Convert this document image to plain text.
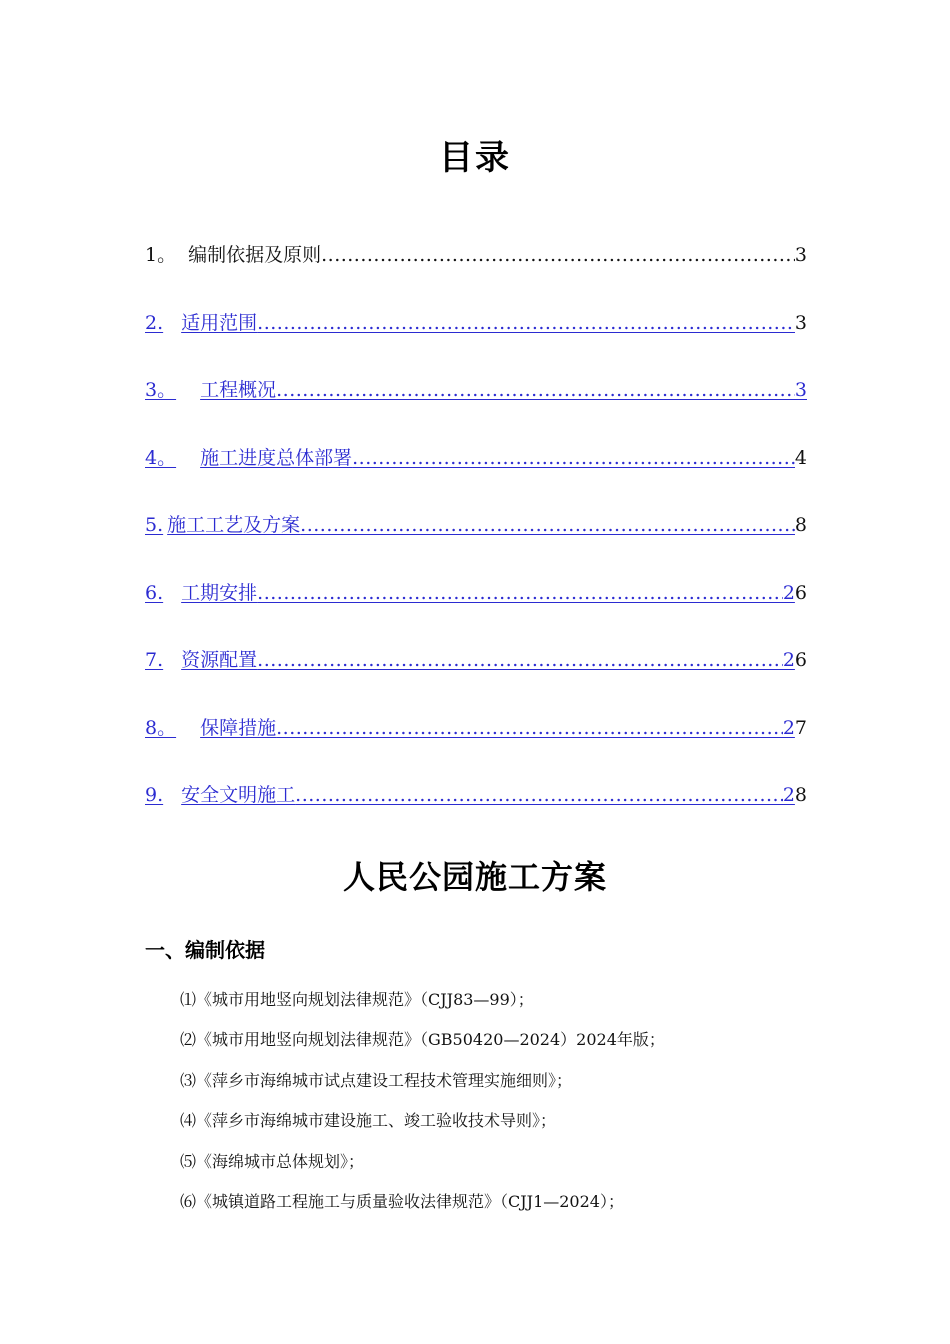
目录
1。 编制依据及原则 .....	3
2. 适用范围 .....	3
3。 工程概况 .....	3
4。 施工进度总体部署 .....	4
5. 施工工艺及方案 .....	8
6. 工期安排 .....	26
7. 资源配置 .....	26
8。 保障措施 .....	27
9. 安全文明施工 .....	28
人民公园施工方案
一、编制依据
⑴《城市用地竖向规划法律规范》（CJJ83—99）；
⑵《城市用地竖向规划法律规范》（GB50420—2024）2024年版；
⑶《萍乡市海绵城市试点建设工程技术管理实施细则》；
⑷《萍乡市海绵城市建设施工、竣工验收技术导则》；
⑸《海绵城市总体规划》；
⑹《城镇道路工程施工与质量验收法律规范》（CJJ1—2024）；
